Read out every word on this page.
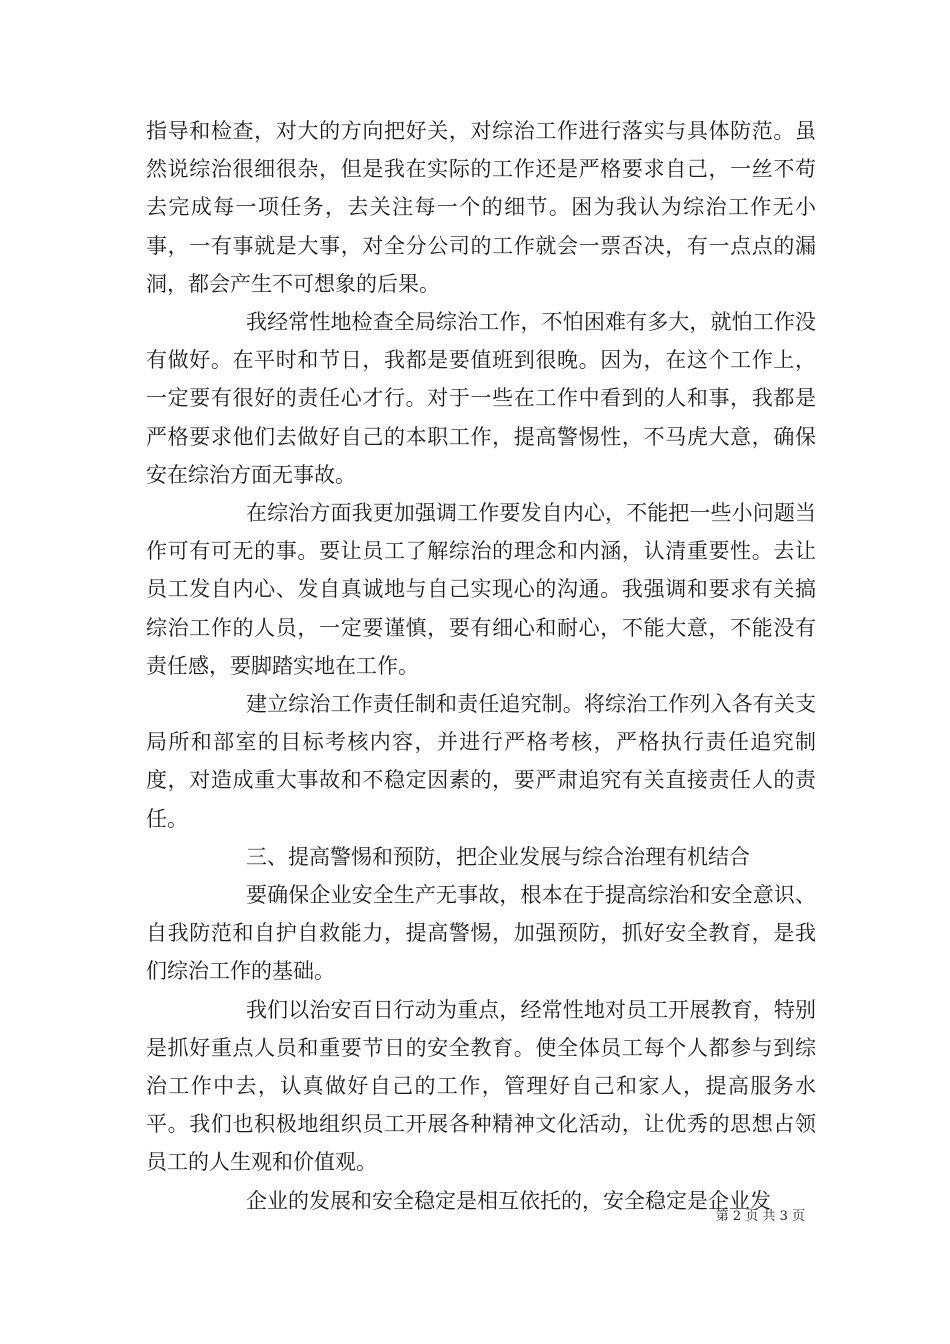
指导和检查，对大的方向把好关，对综治工作进行落实与具体防范。虽然说综治很细很杂，但是我在实际的工作还是严格要求自己，一丝不苟去完成每一项任务，去关注每一个的细节。困为我认为综治工作无小事，一有事就是大事，对全分公司的工作就会一票否决，有一点点的漏洞，都会产生不可想象的后果。

我经常性地检查全局综治工作，不怕困难有多大，就怕工作没有做好。在平时和节日，我都是要值班到很晚。因为，在这个工作上，一定要有很好的责任心才行。对于一些在工作中看到的人和事，我都是严格要求他们去做好自己的本职工作，提高警惕性，不马虎大意，确保安在综治方面无事故。

在综治方面我更加强调工作要发自内心，不能把一些小问题当作可有可无的事。要让员工了解综治的理念和内涵，认清重要性。去让员工发自内心、发自真诚地与自己实现心的沟通。我强调和要求有关搞综治工作的人员，一定要谨慎，要有细心和耐心，不能大意，不能没有责任感，要脚踏实地在工作。

建立综治工作责任制和责任追究制。将综治工作列入各有关支局所和部室的目标考核内容，并进行严格考核，严格执行责任追究制度，对造成重大事故和不稳定因素的，要严肃追究有关直接责任人的责任。

三、提高警惕和预防，把企业发展与综合治理有机结合

要确保企业安全生产无事故，根本在于提高综治和安全意识、自我防范和自护自救能力，提高警惕，加强预防，抓好安全教育，是我们综治工作的基础。

我们以治安百日行动为重点，经常性地对员工开展教育，特别是抓好重点人员和重要节日的安全教育。使全体员工每个人都参与到综治工作中去，认真做好自己的工作，管理好自己和家人，提高服务水平。我们也积极地组织员工开展各种精神文化活动，让优秀的思想占领员工的人生观和价值观。

企业的发展和安全稳定是相互依托的，安全稳定是企业发

第 2 页 共 3 页
